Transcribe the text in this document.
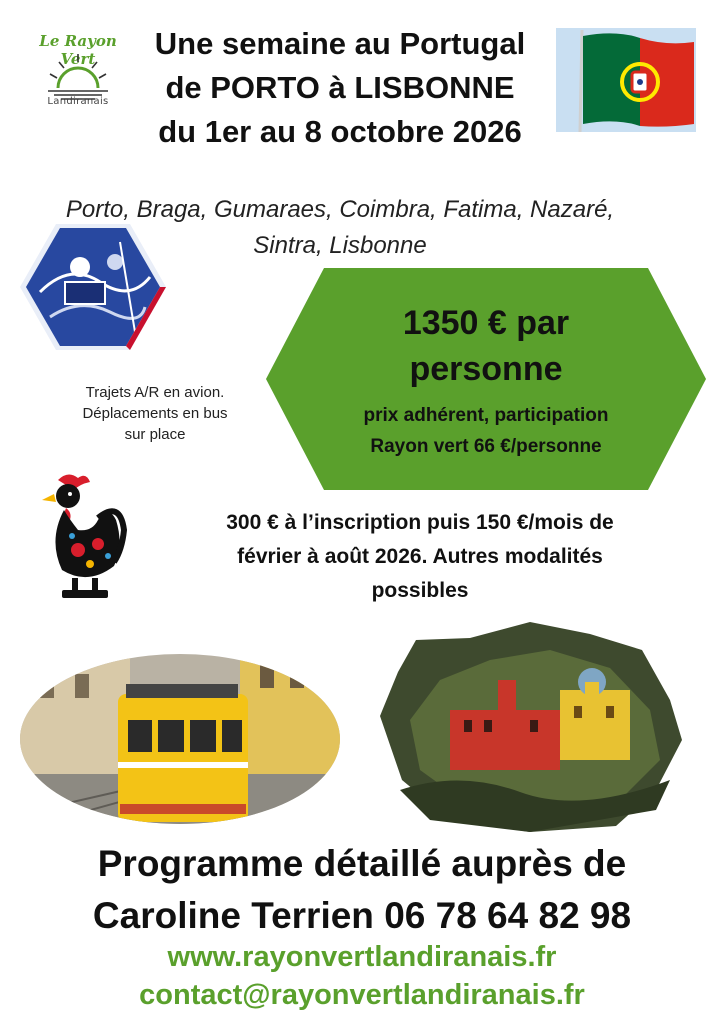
Le Rayon Vert
Landiranais
Une semaine au Portugal
de PORTO à LISBONNE
du 1er au 8 octobre 2026
Porto, Braga, Gumaraes, Coimbra, Fatima, Nazaré,
Sintra, Lisbonne
Trajets A/R en avion.
Déplacements en bus
sur place
1350 € par
personne
prix adhérent, participation
Rayon vert 66 €/personne
300 € à l’inscription puis 150 €/mois de
février à août 2026. Autres modalités
possibles
Programme détaillé auprès de
Caroline Terrien 06 78 64 82 98
www.rayonvertlandiranais.fr
contact@rayonvertlandiranais.fr
